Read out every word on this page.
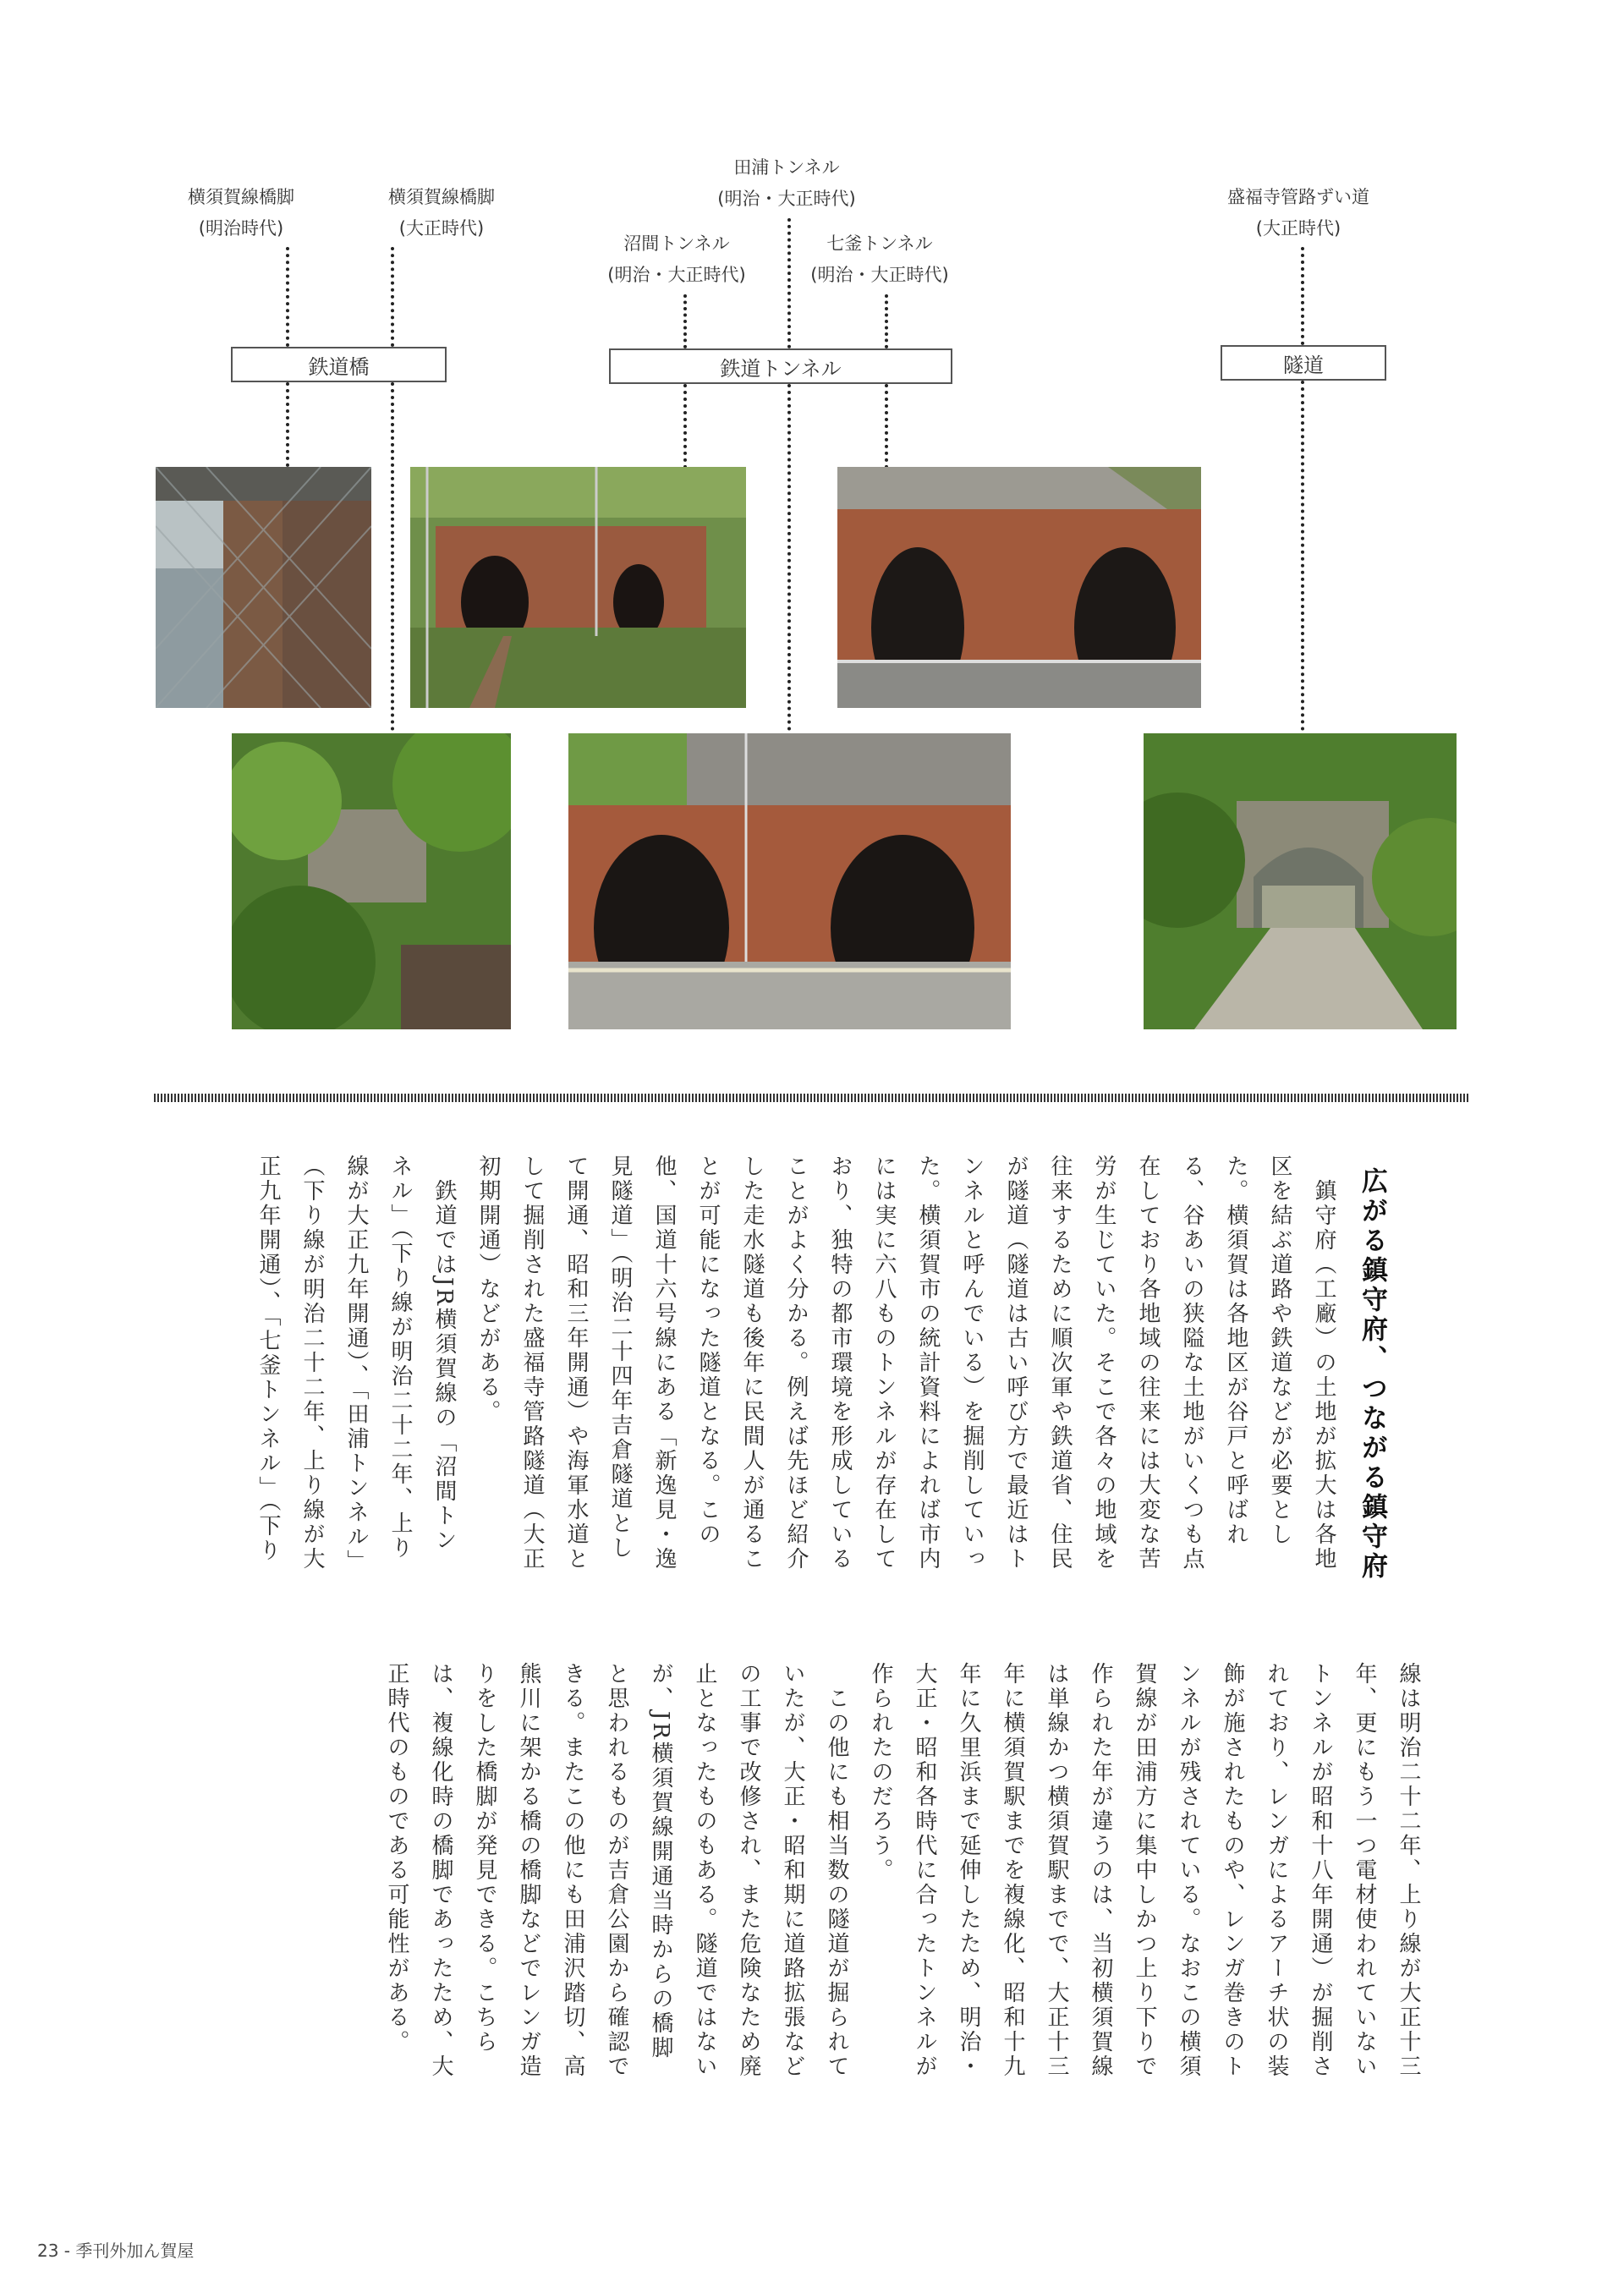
横須賀線橋脚
(明治時代)
横須賀線橋脚
(大正時代)
田浦トンネル
(明治・大正時代)
沼間トンネル
(明治・大正時代)
七釜トンネル
(明治・大正時代)
盛福寺管路ずい道
(大正時代)
鉄道橋	鉄道トンネル	隧道
広がる鎮守府、つながる鎮守府
　鎮守府（工廠）の土地が拡大は各地
区を結ぶ道路や鉄道などが必要とし
た。横須賀は各地区が谷戸と呼ばれ
る、谷あいの狭隘な土地がいくつも点
在しており各地域の往来には大変な苦
労が生じていた。そこで各々の地域を
往来するために順次軍や鉄道省、住民
が隧道（隧道は古い呼び方で最近はト
ンネルと呼んでいる）を掘削していっ
た。横須賀市の統計資料によれば市内
には実に六八ものトンネルが存在して
おり、独特の都市環境を形成している
ことがよく分かる。例えば先ほど紹介
した走水隧道も後年に民間人が通るこ
とが可能になった隧道となる。この
他、国道十六号線にある「新逸見・逸
見隧道」（明治二十四年吉倉隧道とし
て開通、昭和三年開通）や海軍水道と
して掘削された盛福寺管路隧道（大正
初期開通）などがある。
　鉄道ではJR横須賀線の「沼間トン
ネル」（下り線が明治二十二年、上り
線が大正九年開通）、「田浦トンネル」
（下り線が明治二十二年、上り線が大
正九年開通）、「七釜トンネル」（下り
線は明治二十二年、上り線が大正十三
年、更にもう一つ電材使われていない
トンネルが昭和十八年開通）が掘削さ
れており、レンガによるアーチ状の装
飾が施されたものや、レンガ巻きのト
ンネルが残されている。なおこの横須
賀線が田浦方に集中しかつ上り下りで
作られた年が違うのは、当初横須賀線
は単線かつ横須賀駅までで、大正十三
年に横須賀駅までを複線化、昭和十九
年に久里浜まで延伸したため、明治・
大正・昭和各時代に合ったトンネルが
作られたのだろう。
　この他にも相当数の隧道が掘られて
いたが、大正・昭和期に道路拡張など
の工事で改修され、また危険なため廃
止となったものもある。隧道ではない
が、JR横須賀線開通当時からの橋脚
と思われるものが吉倉公園から確認で
きる。またこの他にも田浦沢踏切、高
熊川に架かる橋の橋脚などでレンガ造
りをした橋脚が発見できる。こちら
は、複線化時の橋脚であったため、大
正時代のものである可能性がある。
23 - 季刊外加ん賀屋
